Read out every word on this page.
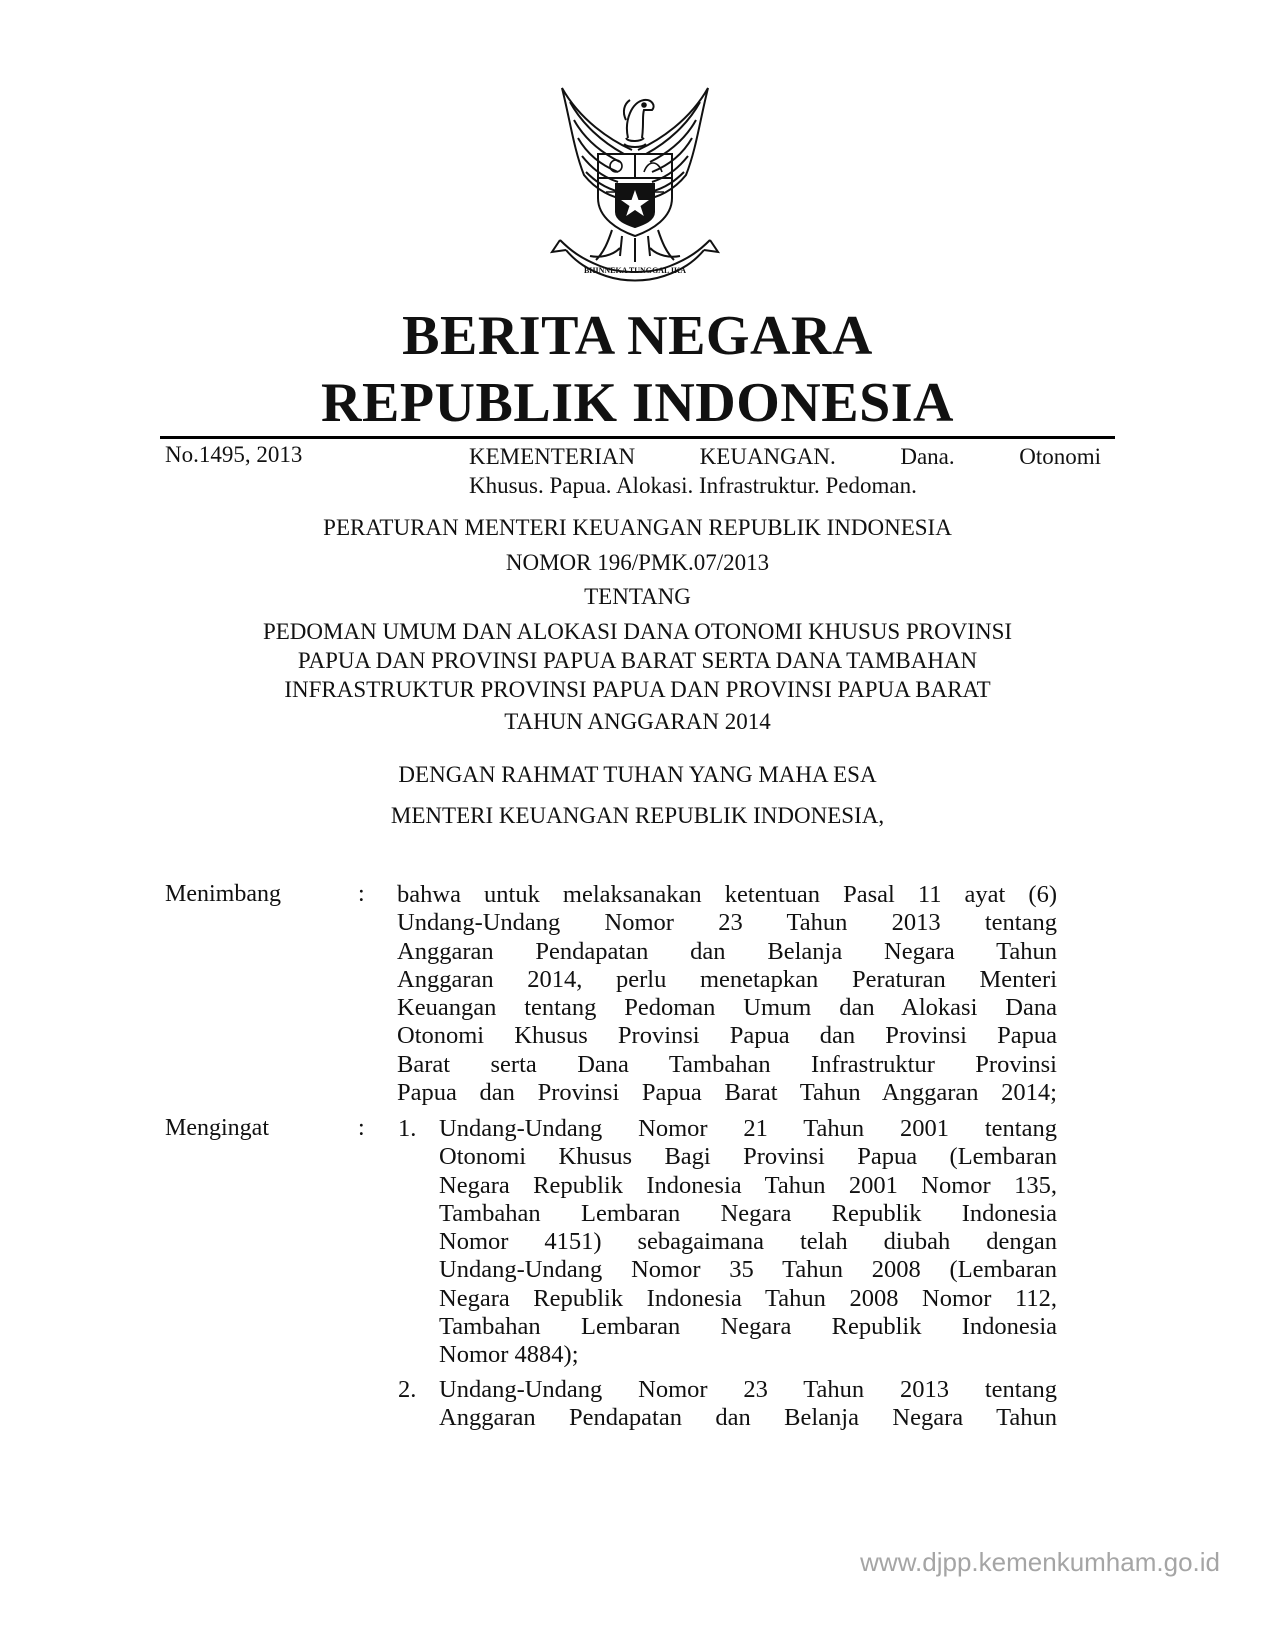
BHINNEKA TUNGGAL IKA
BERITA NEGARA
REPUBLIK INDONESIA
No.1495, 2013	KEMENTERIAN KEUANGAN. Dana. Otonomi
Khusus. Papua. Alokasi. Infrastruktur. Pedoman.
PERATURAN MENTERI KEUANGAN REPUBLIK INDONESIA
NOMOR 196/PMK.07/2013
TENTANG
PEDOMAN UMUM DAN ALOKASI DANA OTONOMI KHUSUS PROVINSI
PAPUA DAN PROVINSI PAPUA BARAT SERTA DANA TAMBAHAN
INFRASTRUKTUR PROVINSI PAPUA DAN PROVINSI PAPUA BARAT
TAHUN ANGGARAN 2014
DENGAN RAHMAT TUHAN YANG MAHA ESA
MENTERI KEUANGAN REPUBLIK INDONESIA,
Menimbang	: bahwa untuk melaksanakan ketentuan Pasal 11 ayat (6)
Undang-Undang Nomor 23 Tahun 2013 tentang
Anggaran Pendapatan dan Belanja Negara Tahun
Anggaran 2014, perlu menetapkan Peraturan Menteri
Keuangan tentang Pedoman Umum dan Alokasi Dana
Otonomi Khusus Provinsi Papua dan Provinsi Papua
Barat serta Dana Tambahan Infrastruktur Provinsi
Papua dan Provinsi Papua Barat Tahun Anggaran 2014;
Mengingat	: 1. Undang-Undang Nomor 21 Tahun 2001 tentang
Otonomi Khusus Bagi Provinsi Papua (Lembaran
Negara Republik Indonesia Tahun 2001 Nomor 135,
Tambahan Lembaran Negara Republik Indonesia
Nomor 4151) sebagaimana telah diubah dengan
Undang-Undang Nomor 35 Tahun 2008 (Lembaran
Negara Republik Indonesia Tahun 2008 Nomor 112,
Tambahan Lembaran Negara Republik Indonesia
Nomor 4884);
2. Undang-Undang Nomor 23 Tahun 2013 tentang
Anggaran Pendapatan dan Belanja Negara Tahun
www.djpp.kemenkumham.go.id
